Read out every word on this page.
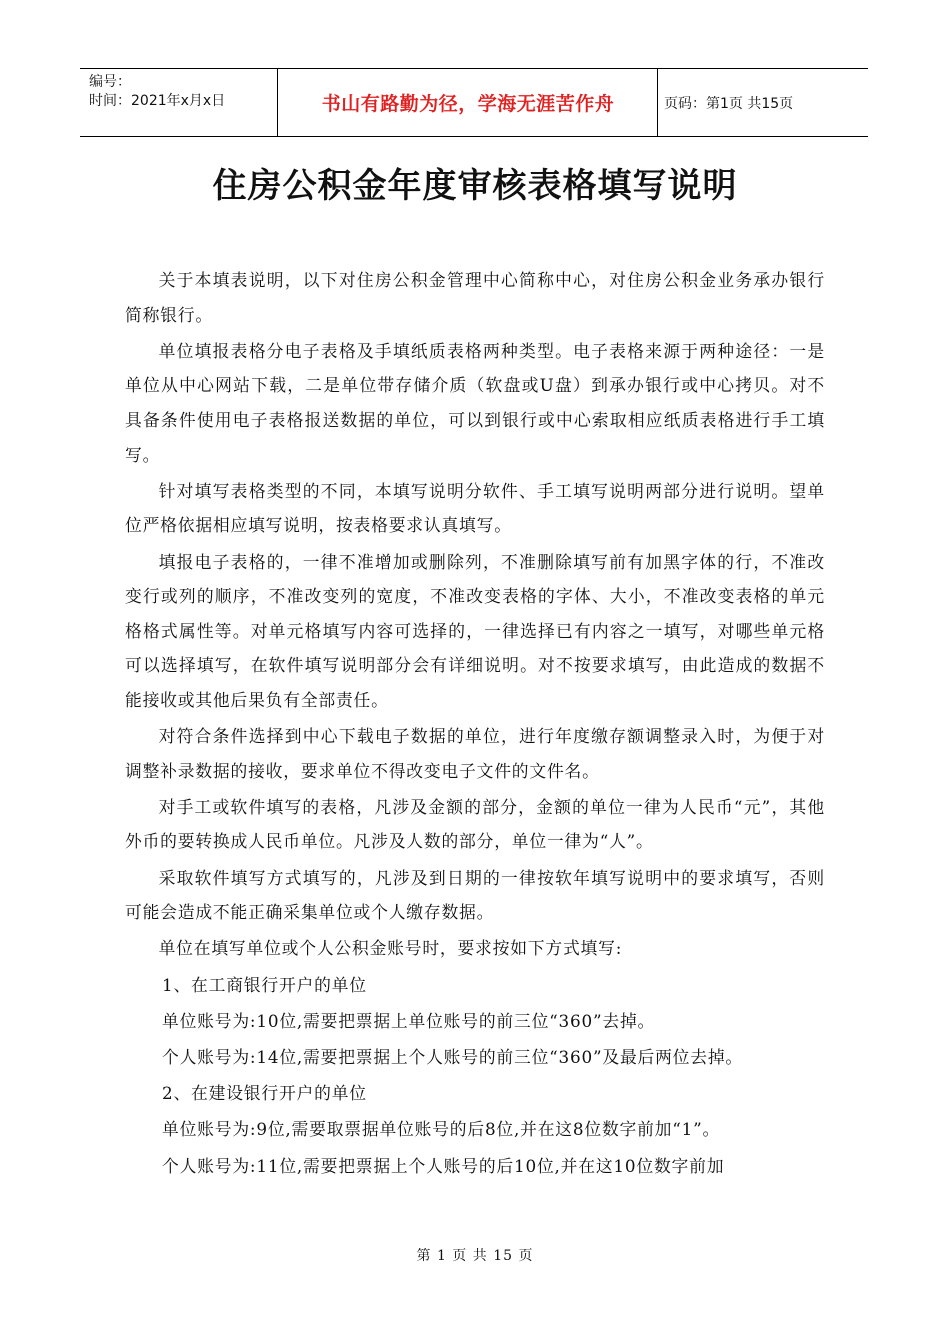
编号：
时间：2021年x月x日	书山有路勤为径，学海无涯苦作舟	页码：第1页 共15页
住房公积金年度审核表格填写说明

关于本填表说明，以下对住房公积金管理中心简称中心，对住房公积金业务承办银行简称银行。

单位填报表格分电子表格及手填纸质表格两种类型。电子表格来源于两种途径：一是单位从中心网站下载，二是单位带存储介质（软盘或U盘）到承办银行或中心拷贝。对不具备条件使用电子表格报送数据的单位，可以到银行或中心索取相应纸质表格进行手工填写。

针对填写表格类型的不同，本填写说明分软件、手工填写说明两部分进行说明。望单位严格依据相应填写说明，按表格要求认真填写。

填报电子表格的，一律不准增加或删除列，不准删除填写前有加黑字体的行，不准改变行或列的顺序，不准改变列的宽度，不准改变表格的字体、大小，不准改变表格的单元格格式属性等。对单元格填写内容可选择的，一律选择已有内容之一填写，对哪些单元格可以选择填写，在软件填写说明部分会有详细说明。对不按要求填写，由此造成的数据不能接收或其他后果负有全部责任。

对符合条件选择到中心下载电子数据的单位，进行年度缴存额调整录入时，为便于对调整补录数据的接收，要求单位不得改变电子文件的文件名。

对手工或软件填写的表格，凡涉及金额的部分，金额的单位一律为人民币“元”，其他外币的要转换成人民币单位。凡涉及人数的部分，单位一律为“人”。

采取软件填写方式填写的，凡涉及到日期的一律按软年填写说明中的要求填写，否则可能会造成不能正确采集单位或个人缴存数据。

单位在填写单位或个人公积金账号时，要求按如下方式填写:

1、在工商银行开户的单位

单位账号为:10位,需要把票据上单位账号的前三位“360”去掉。

个人账号为:14位,需要把票据上个人账号的前三位“360”及最后两位去掉。

2、在建设银行开户的单位

单位账号为:9位,需要取票据单位账号的后8位,并在这8位数字前加“1”。

个人账号为:11位,需要把票据上个人账号的后10位,并在这10位数字前加

第 1 页 共 15 页
